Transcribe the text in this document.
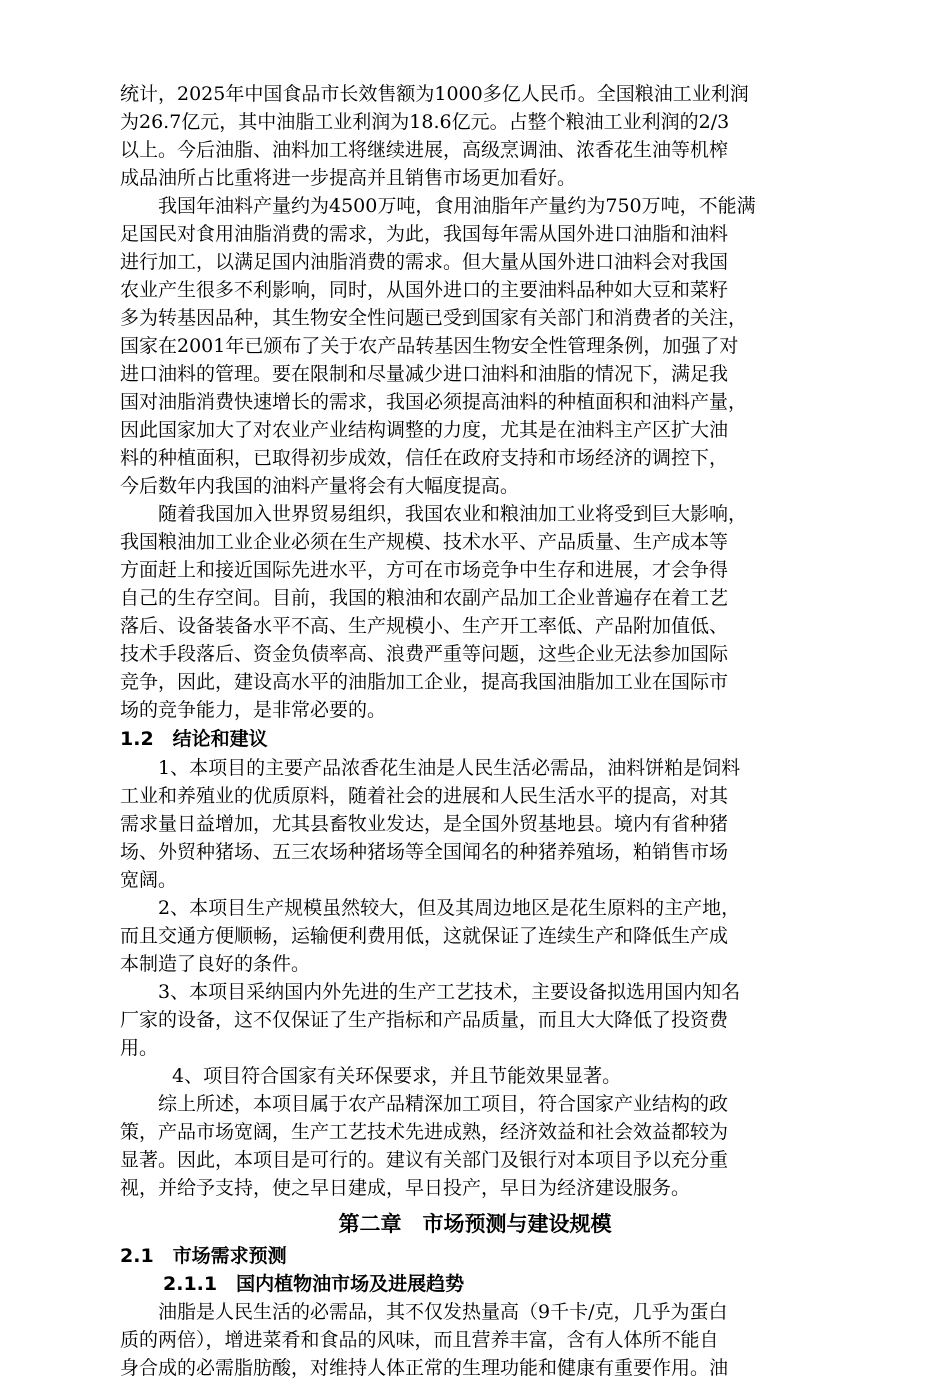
统计，2025年中国食品市长效售额为1000多亿人民币。全国粮油工业利润
为26.7亿元，其中油脂工业利润为18.6亿元。占整个粮油工业利润的2/3
以上。今后油脂、油料加工将继续进展，高级烹调油、浓香花生油等机榨
成品油所占比重将进一步提高并且销售市场更加看好。
我国年油料产量约为4500万吨，食用油脂年产量约为750万吨，不能满
足国民对食用油脂消费的需求，为此，我国每年需从国外进口油脂和油料
进行加工，以满足国内油脂消费的需求。但大量从国外进口油料会对我国
农业产生很多不利影响，同时，从国外进口的主要油料品种如大豆和菜籽
多为转基因品种，其生物安全性问题已受到国家有关部门和消费者的关注，
国家在2001年已颁布了关于农产品转基因生物安全性管理条例，加强了对
进口油料的管理。要在限制和尽量减少进口油料和油脂的情况下，满足我
国对油脂消费快速增长的需求，我国必须提高油料的种植面积和油料产量，
因此国家加大了对农业产业结构调整的力度，尤其是在油料主产区扩大油
料的种植面积，已取得初步成效，信任在政府支持和市场经济的调控下，
今后数年内我国的油料产量将会有大幅度提高。
随着我国加入世界贸易组织，我国农业和粮油加工业将受到巨大影响，
我国粮油加工业企业必须在生产规模、技术水平、产品质量、生产成本等
方面赶上和接近国际先进水平，方可在市场竞争中生存和进展，才会争得
自己的生存空间。目前，我国的粮油和农副产品加工企业普遍存在着工艺
落后、设备装备水平不高、生产规模小、生产开工率低、产品附加值低、
技术手段落后、资金负债率高、浪费严重等问题，这些企业无法参加国际
竞争，因此，建设高水平的油脂加工企业，提高我国油脂加工业在国际市
场的竞争能力，是非常必要的。
1.2　结论和建议
1、本项目的主要产品浓香花生油是人民生活必需品，油料饼粕是饲料
工业和养殖业的优质原料，随着社会的进展和人民生活水平的提高，对其
需求量日益增加，尤其县畜牧业发达，是全国外贸基地县。境内有省种猪
场、外贸种猪场、五三农场种猪场等全国闻名的种猪养殖场，粕销售市场
宽阔。
2、本项目生产规模虽然较大，但及其周边地区是花生原料的主产地，
而且交通方便顺畅，运输便利费用低，这就保证了连续生产和降低生产成
本制造了良好的条件。
3、本项目采纳国内外先进的生产工艺技术，主要设备拟选用国内知名
厂家的设备，这不仅保证了生产指标和产品质量，而且大大降低了投资费
用。
4、项目符合国家有关环保要求，并且节能效果显著。
综上所述，本项目属于农产品精深加工项目，符合国家产业结构的政
策，产品市场宽阔，生产工艺技术先进成熟，经济效益和社会效益都较为
显著。因此，本项目是可行的。建议有关部门及银行对本项目予以充分重
视，并给予支持，使之早日建成，早日投产，早日为经济建设服务。
第二章　市场预测与建设规模
2.1　市场需求预测
2.1.1　国内植物油市场及进展趋势
油脂是人民生活的必需品，其不仅发热量高（9千卡/克，几乎为蛋白
质的两倍），增进菜肴和食品的风味，而且营养丰富，含有人体所不能自
身合成的必需脂肪酸，对维持人体正常的生理功能和健康有重要作用。油
